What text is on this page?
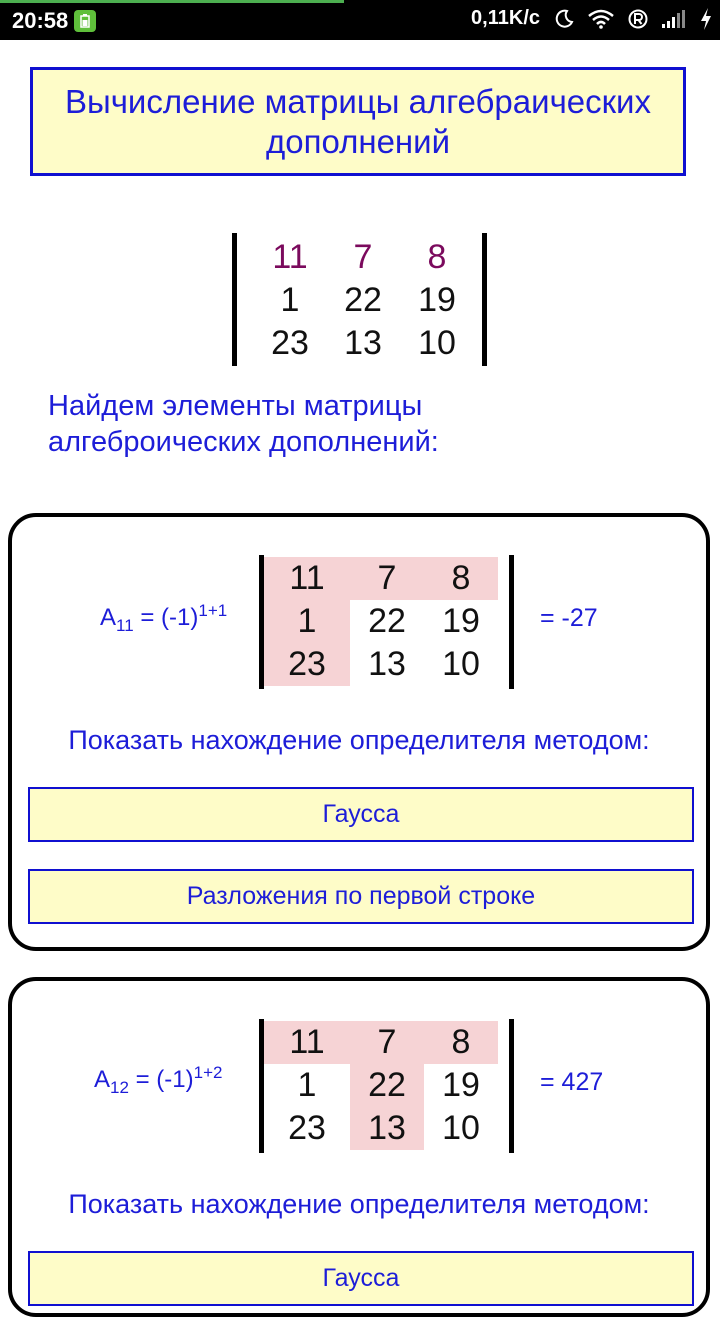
20:58	0,11K/c
Вычисление матрицы алгебраических дополнений
11	7	8
1	22	19
23	13	10
Найдем элементы матрицы алгеброических дополнений:
$A_{11} = (-1)^{1+1}$
11	7	8
1	22	19
23	13	10
= -27
Показать нахождение определителя методом:
Гаусса
Разложения по первой строке
$A_{12} = (-1)^{1+2}$
11	7	8
1	22	19
23	13	10
= 427
Показать нахождение определителя методом:
Гаусса
